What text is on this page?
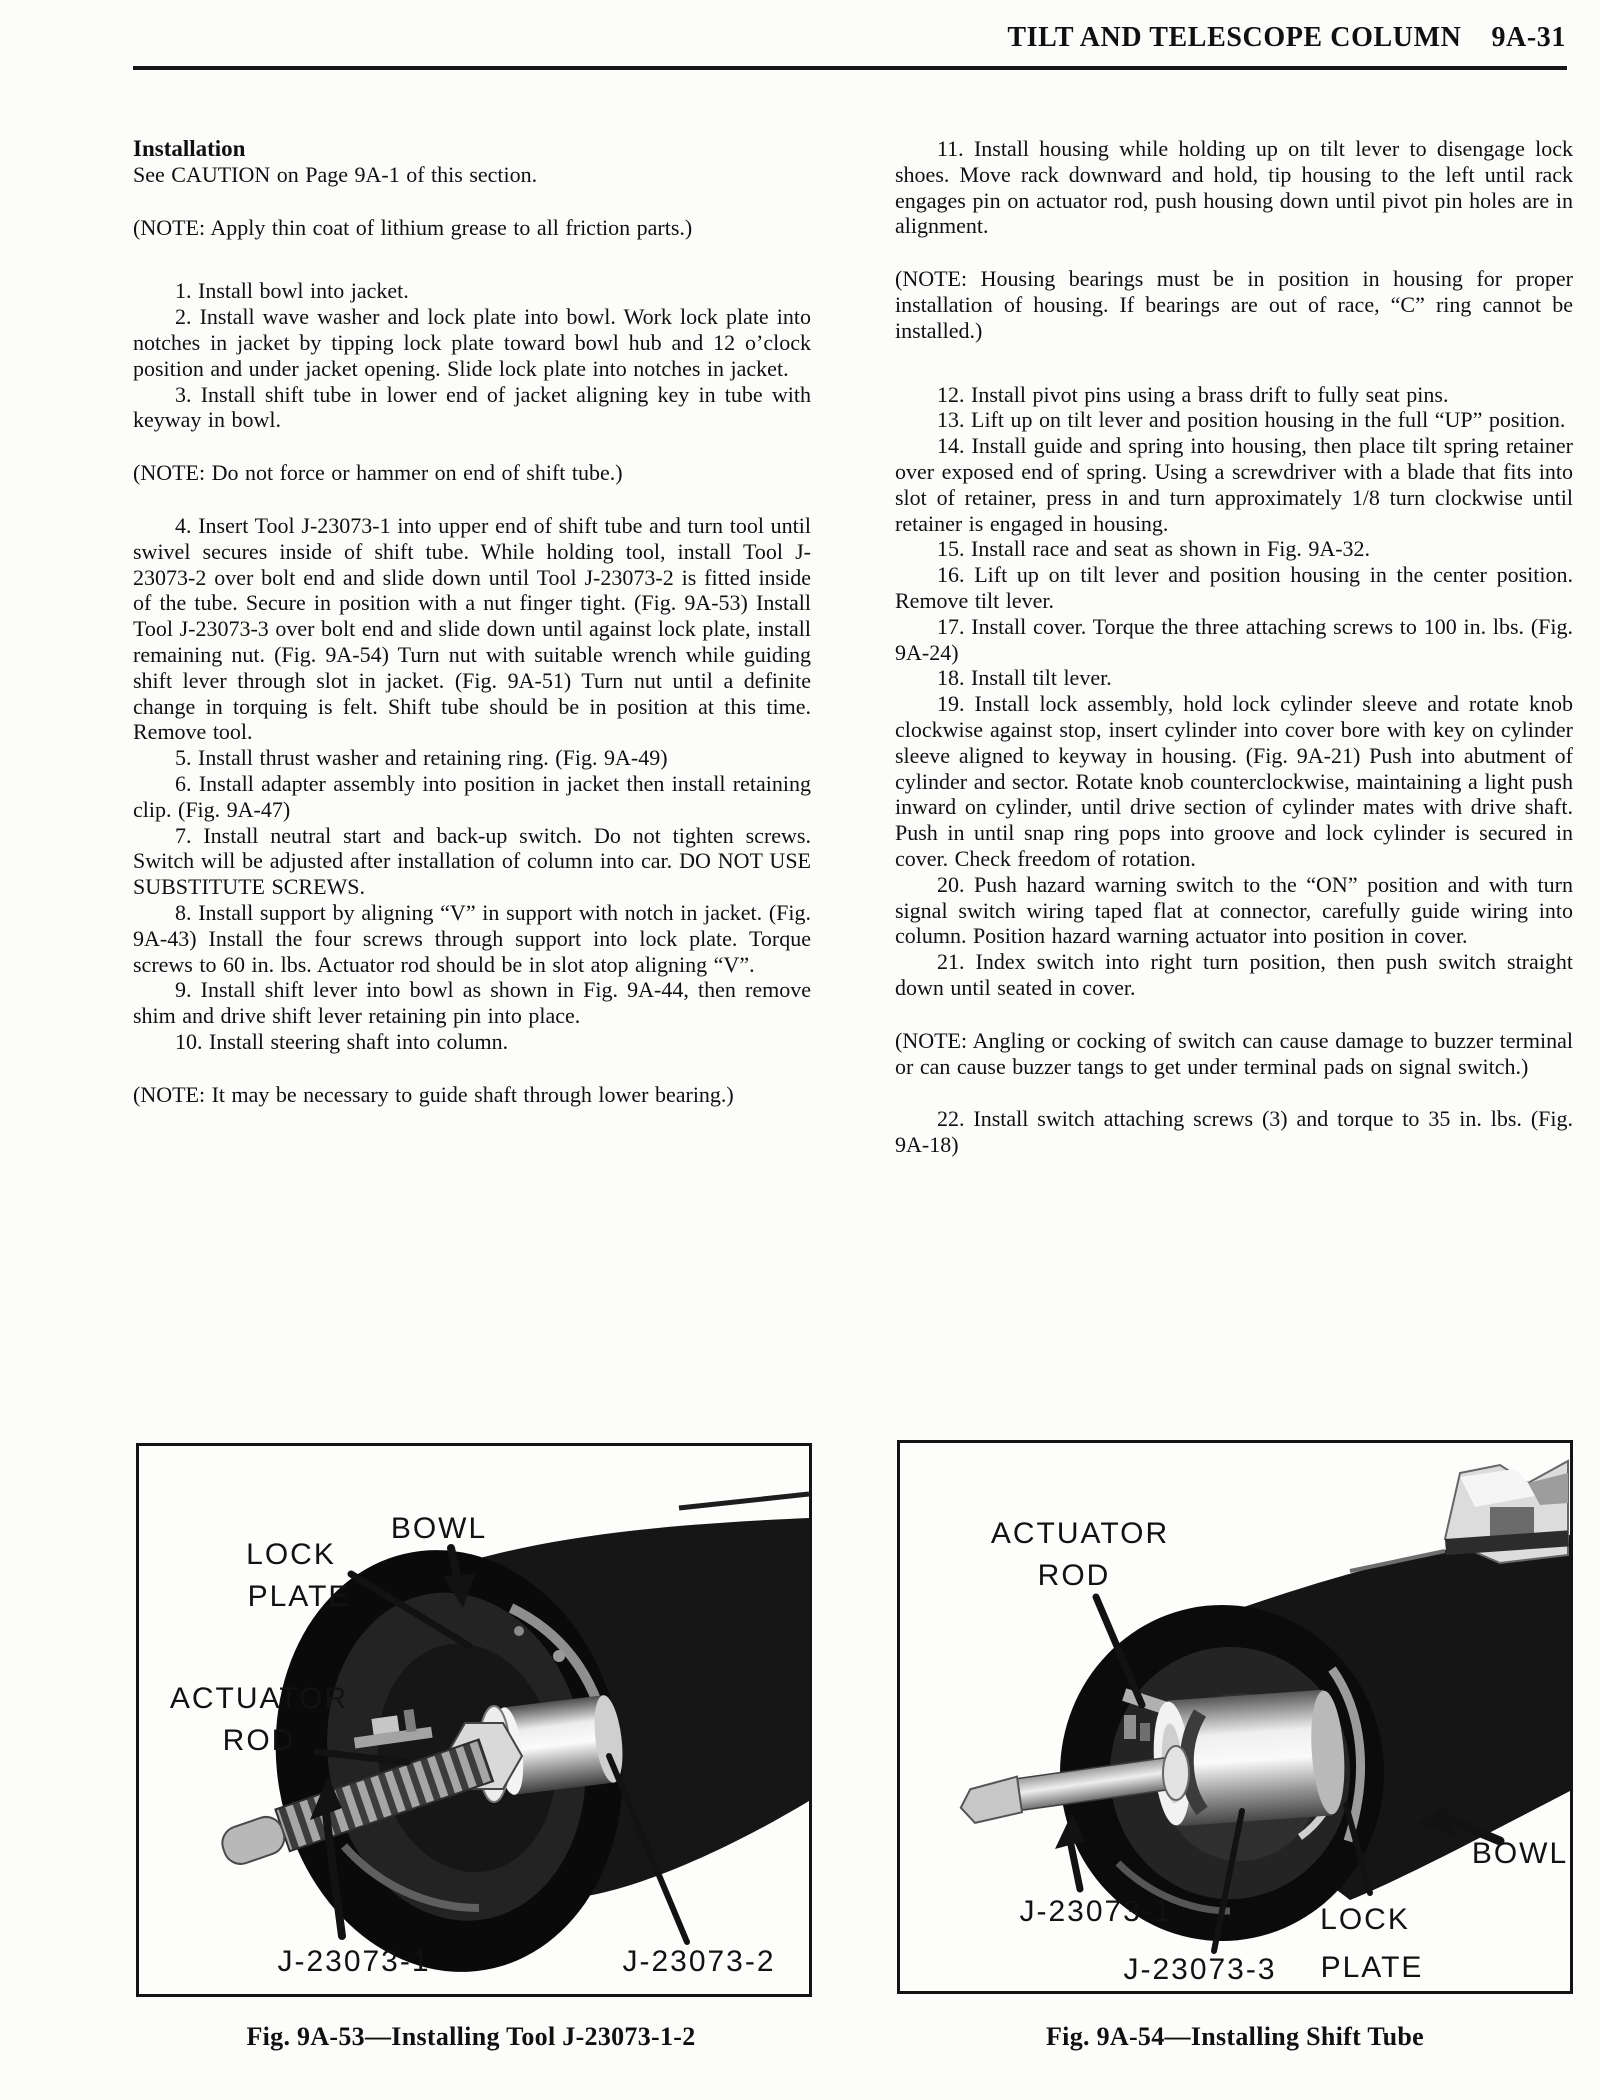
TILT AND TELESCOPE COLUMN 9A-31

Installation

See CAUTION on Page 9A-1 of this section.

(NOTE: Apply thin coat of lithium grease to all friction parts.)

1. Install bowl into jacket.

2. Install wave washer and lock plate into bowl. Work lock plate into notches in jacket by tipping lock plate toward bowl hub and 12 o’clock position and under jacket opening. Slide lock plate into notches in jacket.

3. Install shift tube in lower end of jacket aligning key in tube with keyway in bowl.

(NOTE: Do not force or hammer on end of shift tube.)

4. Insert Tool J-23073-1 into upper end of shift tube and turn tool until swivel secures inside of shift tube. While holding tool, install Tool J-23073-2 over bolt end and slide down until Tool J-23073-2 is fitted inside of the tube. Secure in position with a nut finger tight. (Fig. 9A-53) Install Tool J-23073-3 over bolt end and slide down until against lock plate, install remaining nut. (Fig. 9A-54) Turn nut with suitable wrench while guiding shift lever through slot in jacket. (Fig. 9A-51) Turn nut until a definite change in torquing is felt. Shift tube should be in position at this time. Remove tool.

5. Install thrust washer and retaining ring. (Fig. 9A-49)

6. Install adapter assembly into position in jacket then install retaining clip. (Fig. 9A-47)

7. Install neutral start and back-up switch. Do not tighten screws. Switch will be adjusted after installation of column into car. DO NOT USE SUBSTITUTE SCREWS.

8. Install support by aligning “V” in support with notch in jacket. (Fig. 9A-43) Install the four screws through support into lock plate. Torque screws to 60 in. lbs. Actuator rod should be in slot atop aligning “V”.

9. Install shift lever into bowl as shown in Fig. 9A-44, then remove shim and drive shift lever retaining pin into place.

10. Install steering shaft into column.

(NOTE: It may be necessary to guide shaft through lower bearing.)

11. Install housing while holding up on tilt lever to disengage lock shoes. Move rack downward and hold, tip housing to the left until rack engages pin on actuator rod, push housing down until pivot pin holes are in alignment.

(NOTE: Housing bearings must be in position in housing for proper installation of housing. If bearings are out of race, “C” ring cannot be installed.)

12. Install pivot pins using a brass drift to fully seat pins.

13. Lift up on tilt lever and position housing in the full “UP” position.

14. Install guide and spring into housing, then place tilt spring retainer over exposed end of spring. Using a screwdriver with a blade that fits into slot of retainer, press in and turn approximately 1/8 turn clockwise until retainer is engaged in housing.

15. Install race and seat as shown in Fig. 9A-32.

16. Lift up on tilt lever and position housing in the center position. Remove tilt lever.

17. Install cover. Torque the three attaching screws to 100 in. lbs. (Fig. 9A-24)

18. Install tilt lever.

19. Install lock assembly, hold lock cylinder sleeve and rotate knob clockwise against stop, insert cylinder into cover bore with key on cylinder sleeve aligned to keyway in housing. (Fig. 9A-21) Push into abutment of cylinder and sector. Rotate knob counterclockwise, maintaining a light push inward on cylinder, until drive section of cylinder mates with drive shaft. Push in until snap ring pops into groove and lock cylinder is secured in cover. Check freedom of rotation.

20. Push hazard warning switch to the “ON” position and with turn signal switch wiring taped flat at connector, carefully guide wiring into column. Position hazard warning actuator into position in cover.

21. Index switch into right turn position, then push switch straight down until seated in cover.

(NOTE: Angling or cocking of switch can cause damage to buzzer terminal or can cause buzzer tangs to get under terminal pads on signal switch.)

22. Install switch attaching screws (3) and torque to 35 in. lbs. (Fig. 9A-18)

BOWL
LOCK
PLATE
ACTUATOR
ROD
J-23073-1	J-23073-2
ACTUATOR
ROD
J-23073-1
J-23073-3
LOCK
PLATE
BOWL
Fig. 9A-53—Installing Tool J-23073-1-2	Fig. 9A-54—Installing Shift Tube
